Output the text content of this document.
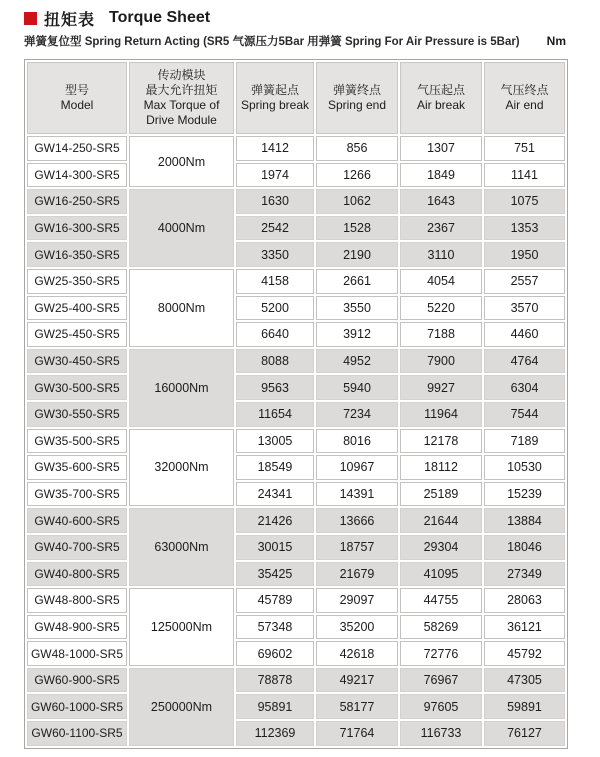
扭矩表 Torque Sheet
弹簧复位型 Spring Return Acting (SR5 气源压力5Bar 用弹簧 Spring For Air Pressure is 5Bar) Nm
型号
Model

传动模块
最大允许扭矩
Max Torque of
Drive Module

弹簧起点
Spring break

弹簧终点
Spring end

气压起点
Air break

气压终点
Air end

GW14-250-SR5	2000Nm	1412	856	1307	751
GW14-300-SR5		1974	1266	1849	1141
GW16-250-SR5	4000Nm	1630	1062	1643	1075
GW16-300-SR5		2542	1528	2367	1353
GW16-350-SR5		3350	2190	3110	1950
GW25-350-SR5	8000Nm	4158	2661	4054	2557
GW25-400-SR5		5200	3550	5220	3570
GW25-450-SR5		6640	3912	7188	4460
GW30-450-SR5	16000Nm	8088	4952	7900	4764
GW30-500-SR5		9563	5940	9927	6304
GW30-550-SR5		11654	7234	11964	7544
GW35-500-SR5	32000Nm	13005	8016	12178	7189
GW35-600-SR5		18549	10967	18112	10530
GW35-700-SR5		24341	14391	25189	15239
GW40-600-SR5	63000Nm	21426	13666	21644	13884
GW40-700-SR5		30015	18757	29304	18046
GW40-800-SR5		35425	21679	41095	27349
GW48-800-SR5	125000Nm	45789	29097	44755	28063
GW48-900-SR5		57348	35200	58269	36121
GW48-1000-SR5		69602	42618	72776	45792
GW60-900-SR5	250000Nm	78878	49217	76967	47305
GW60-1000-SR5		95891	58177	97605	59891
GW60-1100-SR5		112369	71764	116733	76127
